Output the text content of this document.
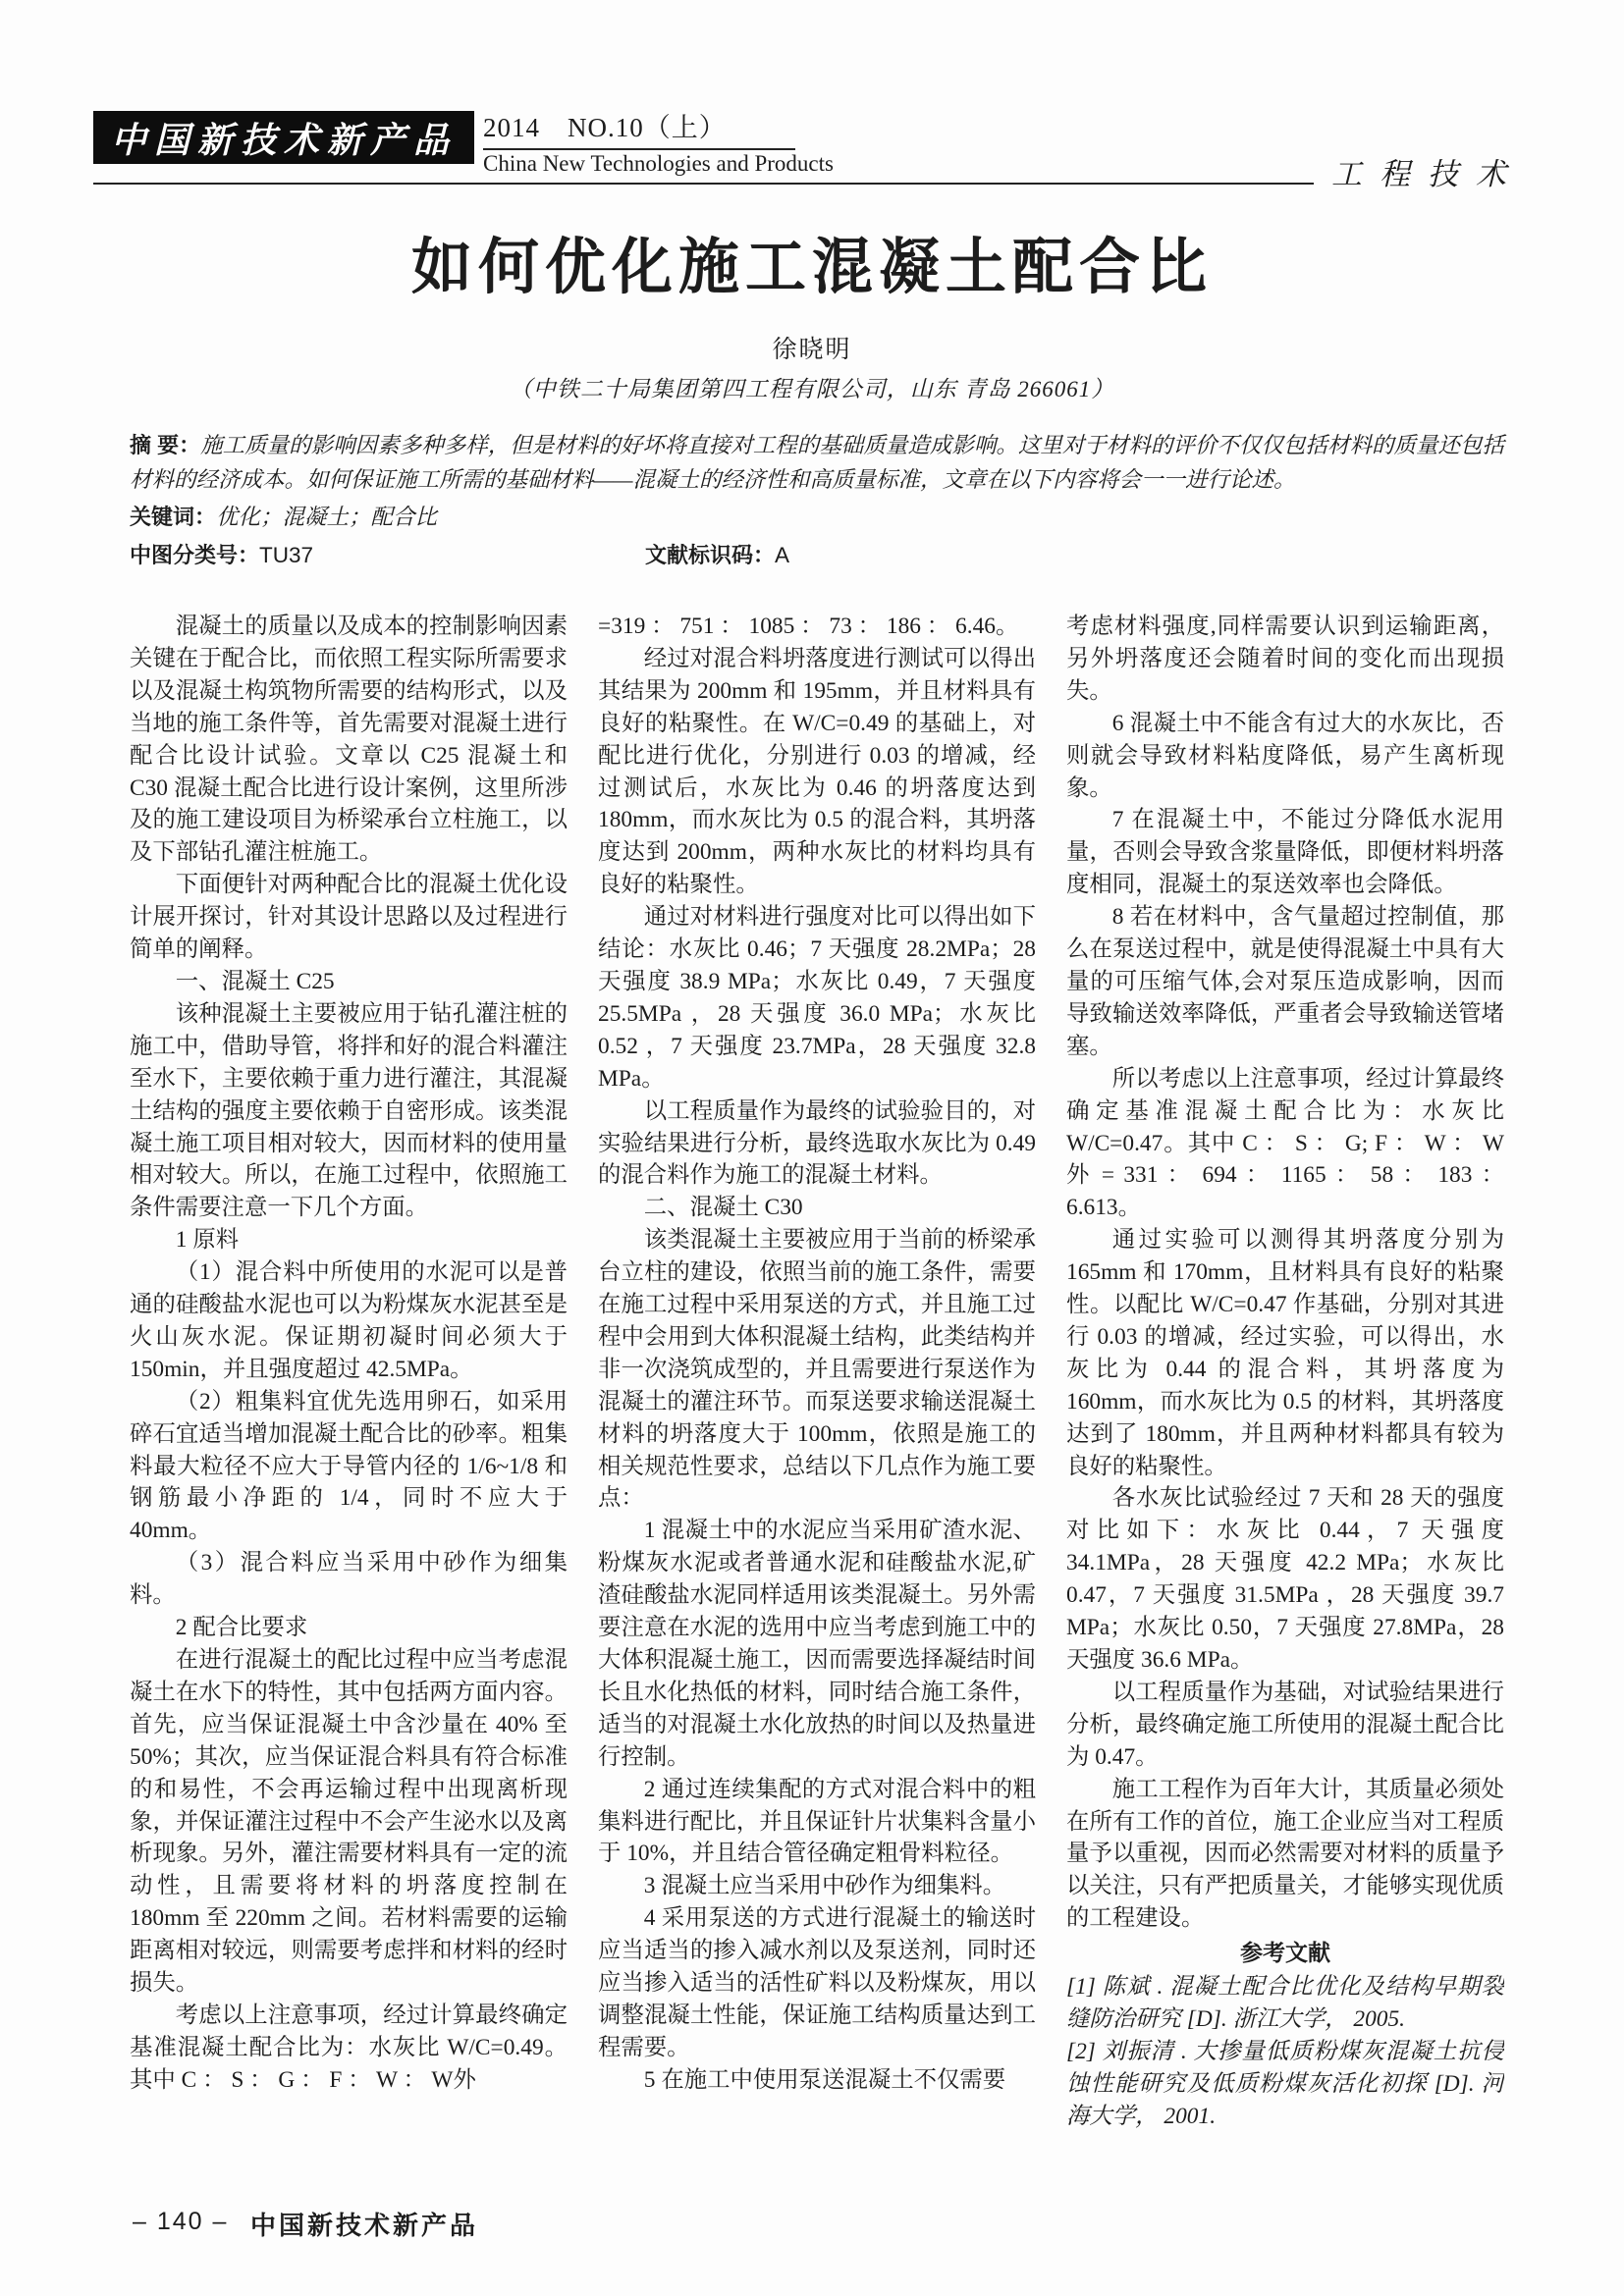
中国新技术新产品 2014　NO.10（上）
China New Technologies and Products	工程技术
如何优化施工混凝土配合比
徐晓明
（中铁二十局集团第四工程有限公司，山东 青岛 266061）

摘 要：施工质量的影响因素多种多样，但是材料的好坏将直接对工程的基础质量造成影响。这里对于材料的评价不仅仅包括材料的质量还包括材料的经济成本。如何保证施工所需的基础材料——混凝土的经济性和高质量标准，文章在以下内容将会一一进行论述。

关键词：优化；混凝土；配合比

中图分类号：TU37	文献标识码：A

混凝土的质量以及成本的控制影响因素关键在于配合比，而依照工程实际所需要求以及混凝土构筑物所需要的结构形式，以及当地的施工条件等，首先需要对混凝土进行配合比设计试验。文章以 C25 混凝土和 C30 混凝土配合比进行设计案例，这里所涉及的施工建设项目为桥梁承台立柱施工，以及下部钻孔灌注桩施工。

下面便针对两种配合比的混凝土优化设计展开探讨，针对其设计思路以及过程进行简单的阐释。

一、混凝土 C25

该种混凝土主要被应用于钻孔灌注桩的施工中，借助导管，将拌和好的混合料灌注至水下，主要依赖于重力进行灌注，其混凝土结构的强度主要依赖于自密形成。该类混凝土施工项目相对较大，因而材料的使用量相对较大。所以，在施工过程中，依照施工条件需要注意一下几个方面。

1 原料

（1）混合料中所使用的水泥可以是普通的硅酸盐水泥也可以为粉煤灰水泥甚至是火山灰水泥。保证期初凝时间必须大于 150min，并且强度超过 42.5MPa。

（2）粗集料宜优先选用卵石，如采用碎石宜适当增加混凝土配合比的砂率。粗集料最大粒径不应大于导管内径的 1/6~1/8 和钢筋最小净距的 1/4，同时不应大于 40mm。

（3）混合料应当采用中砂作为细集料。

2 配合比要求

在进行混凝土的配比过程中应当考虑混凝土在水下的特性，其中包括两方面内容。首先，应当保证混凝土中含沙量在 40% 至 50%；其次，应当保证混合料具有符合标准的和易性，不会再运输过程中出现离析现象，并保证灌注过程中不会产生泌水以及离析现象。另外，灌注需要材料具有一定的流动性，且需要将材料的坍落度控制在 180mm 至 220mm 之间。若材料需要的运输距离相对较远，则需要考虑拌和材料的经时损失。

考虑以上注意事项，经过计算最终确定基准混凝土配合比为：水灰比 W/C=0.49。其中 C ： S ： G ： F ： W ： W外

=319 ： 751 ： 1085 ： 73 ： 186 ： 6.46。

经过对混合料坍落度进行测试可以得出其结果为 200mm 和 195mm，并且材料具有良好的粘聚性。在 W/C=0.49 的基础上，对配比进行优化，分别进行 0.03 的增减，经过测试后，水灰比为 0.46 的坍落度达到 180mm，而水灰比为 0.5 的混合料，其坍落度达到 200mm，两种水灰比的材料均具有良好的粘聚性。

通过对材料进行强度对比可以得出如下结论：水灰比 0.46；7 天强度 28.2MPa；28 天强度 38.9 MPa；水灰比 0.49，7 天强度 25.5MPa ，28 天强度 36.0 MPa；水灰比 0.52 ，7 天强度 23.7MPa，28 天强度 32.8 MPa。

以工程质量作为最终的试验验目的，对实验结果进行分析，最终选取水灰比为 0.49 的混合料作为施工的混凝土材料。

二、混凝土 C30

该类混凝土主要被应用于当前的桥梁承台立柱的建设，依照当前的施工条件，需要在施工过程中采用泵送的方式，并且施工过程中会用到大体积混凝土结构，此类结构并非一次浇筑成型的，并且需要进行泵送作为混凝土的灌注环节。而泵送要求输送混凝土材料的坍落度大于 100mm，依照是施工的相关规范性要求，总结以下几点作为施工要点：

1 混凝土中的水泥应当采用矿渣水泥、粉煤灰水泥或者普通水泥和硅酸盐水泥,矿渣硅酸盐水泥同样适用该类混凝土。另外需要注意在水泥的选用中应当考虑到施工中的大体积混凝土施工，因而需要选择凝结时间长且水化热低的材料，同时结合施工条件，适当的对混凝土水化放热的时间以及热量进行控制。

2 通过连续集配的方式对混合料中的粗集料进行配比，并且保证针片状集料含量小于 10%，并且结合管径确定粗骨料粒径。

3 混凝土应当采用中砂作为细集料。

4 采用泵送的方式进行混凝土的输送时应当适当的掺入减水剂以及泵送剂，同时还应当掺入适当的活性矿料以及粉煤灰，用以调整混凝土性能，保证施工结构质量达到工程需要。

5 在施工中使用泵送混凝土不仅需要

考虑材料强度,同样需要认识到运输距离，另外坍落度还会随着时间的变化而出现损失。

6 混凝土中不能含有过大的水灰比，否则就会导致材料粘度降低，易产生离析现象。

7 在混凝土中，不能过分降低水泥用量，否则会导致含浆量降低，即便材料坍落度相同，混凝土的泵送效率也会降低。

8 若在材料中，含气量超过控制值，那么在泵送过程中，就是使得混凝土中具有大量的可压缩气体,会对泵压造成影响，因而导致输送效率降低，严重者会导致输送管堵塞。

所以考虑以上注意事项，经过计算最终确定基准混凝土配合比为：水灰比 W/C=0.47。其中 C ： S ： G; F ： W ： W 外 = 331 ： 694 ： 1165 ： 58 ： 183 ： 6.613。

通过实验可以测得其坍落度分别为 165mm 和 170mm，且材料具有良好的粘聚性。以配比 W/C=0.47 作基础，分别对其进行 0.03 的增减，经过实验，可以得出，水灰比为 0.44 的混合料，其坍落度为 160mm，而水灰比为 0.5 的材料，其坍落度达到了 180mm，并且两种材料都具有较为良好的粘聚性。

各水灰比试验经过 7 天和 28 天的强度对比如下：水灰比 0.44，7 天强度 34.1MPa，28 天强度 42.2 MPa；水灰比 0.47，7 天强度 31.5MPa ，28 天强度 39.7 MPa；水灰比 0.50，7 天强度 27.8MPa，28 天强度 36.6 MPa。

以工程质量作为基础，对试验结果进行分析，最终确定施工所使用的混凝土配合比为 0.47。

施工工程作为百年大计，其质量必须处在所有工作的首位，施工企业应当对工程质量予以重视，因而必然需要对材料的质量予以关注，只有严把质量关，才能够实现优质的工程建设。

参考文献

[1] 陈斌 . 混凝土配合比优化及结构早期裂缝防治研究 [D]. 浙江大学， 2005.

[2] 刘振清 . 大掺量低质粉煤灰混凝土抗侵蚀性能研究及低质粉煤灰活化初探 [D]. 河海大学， 2001.

– 140 – 中国新技术新产品
